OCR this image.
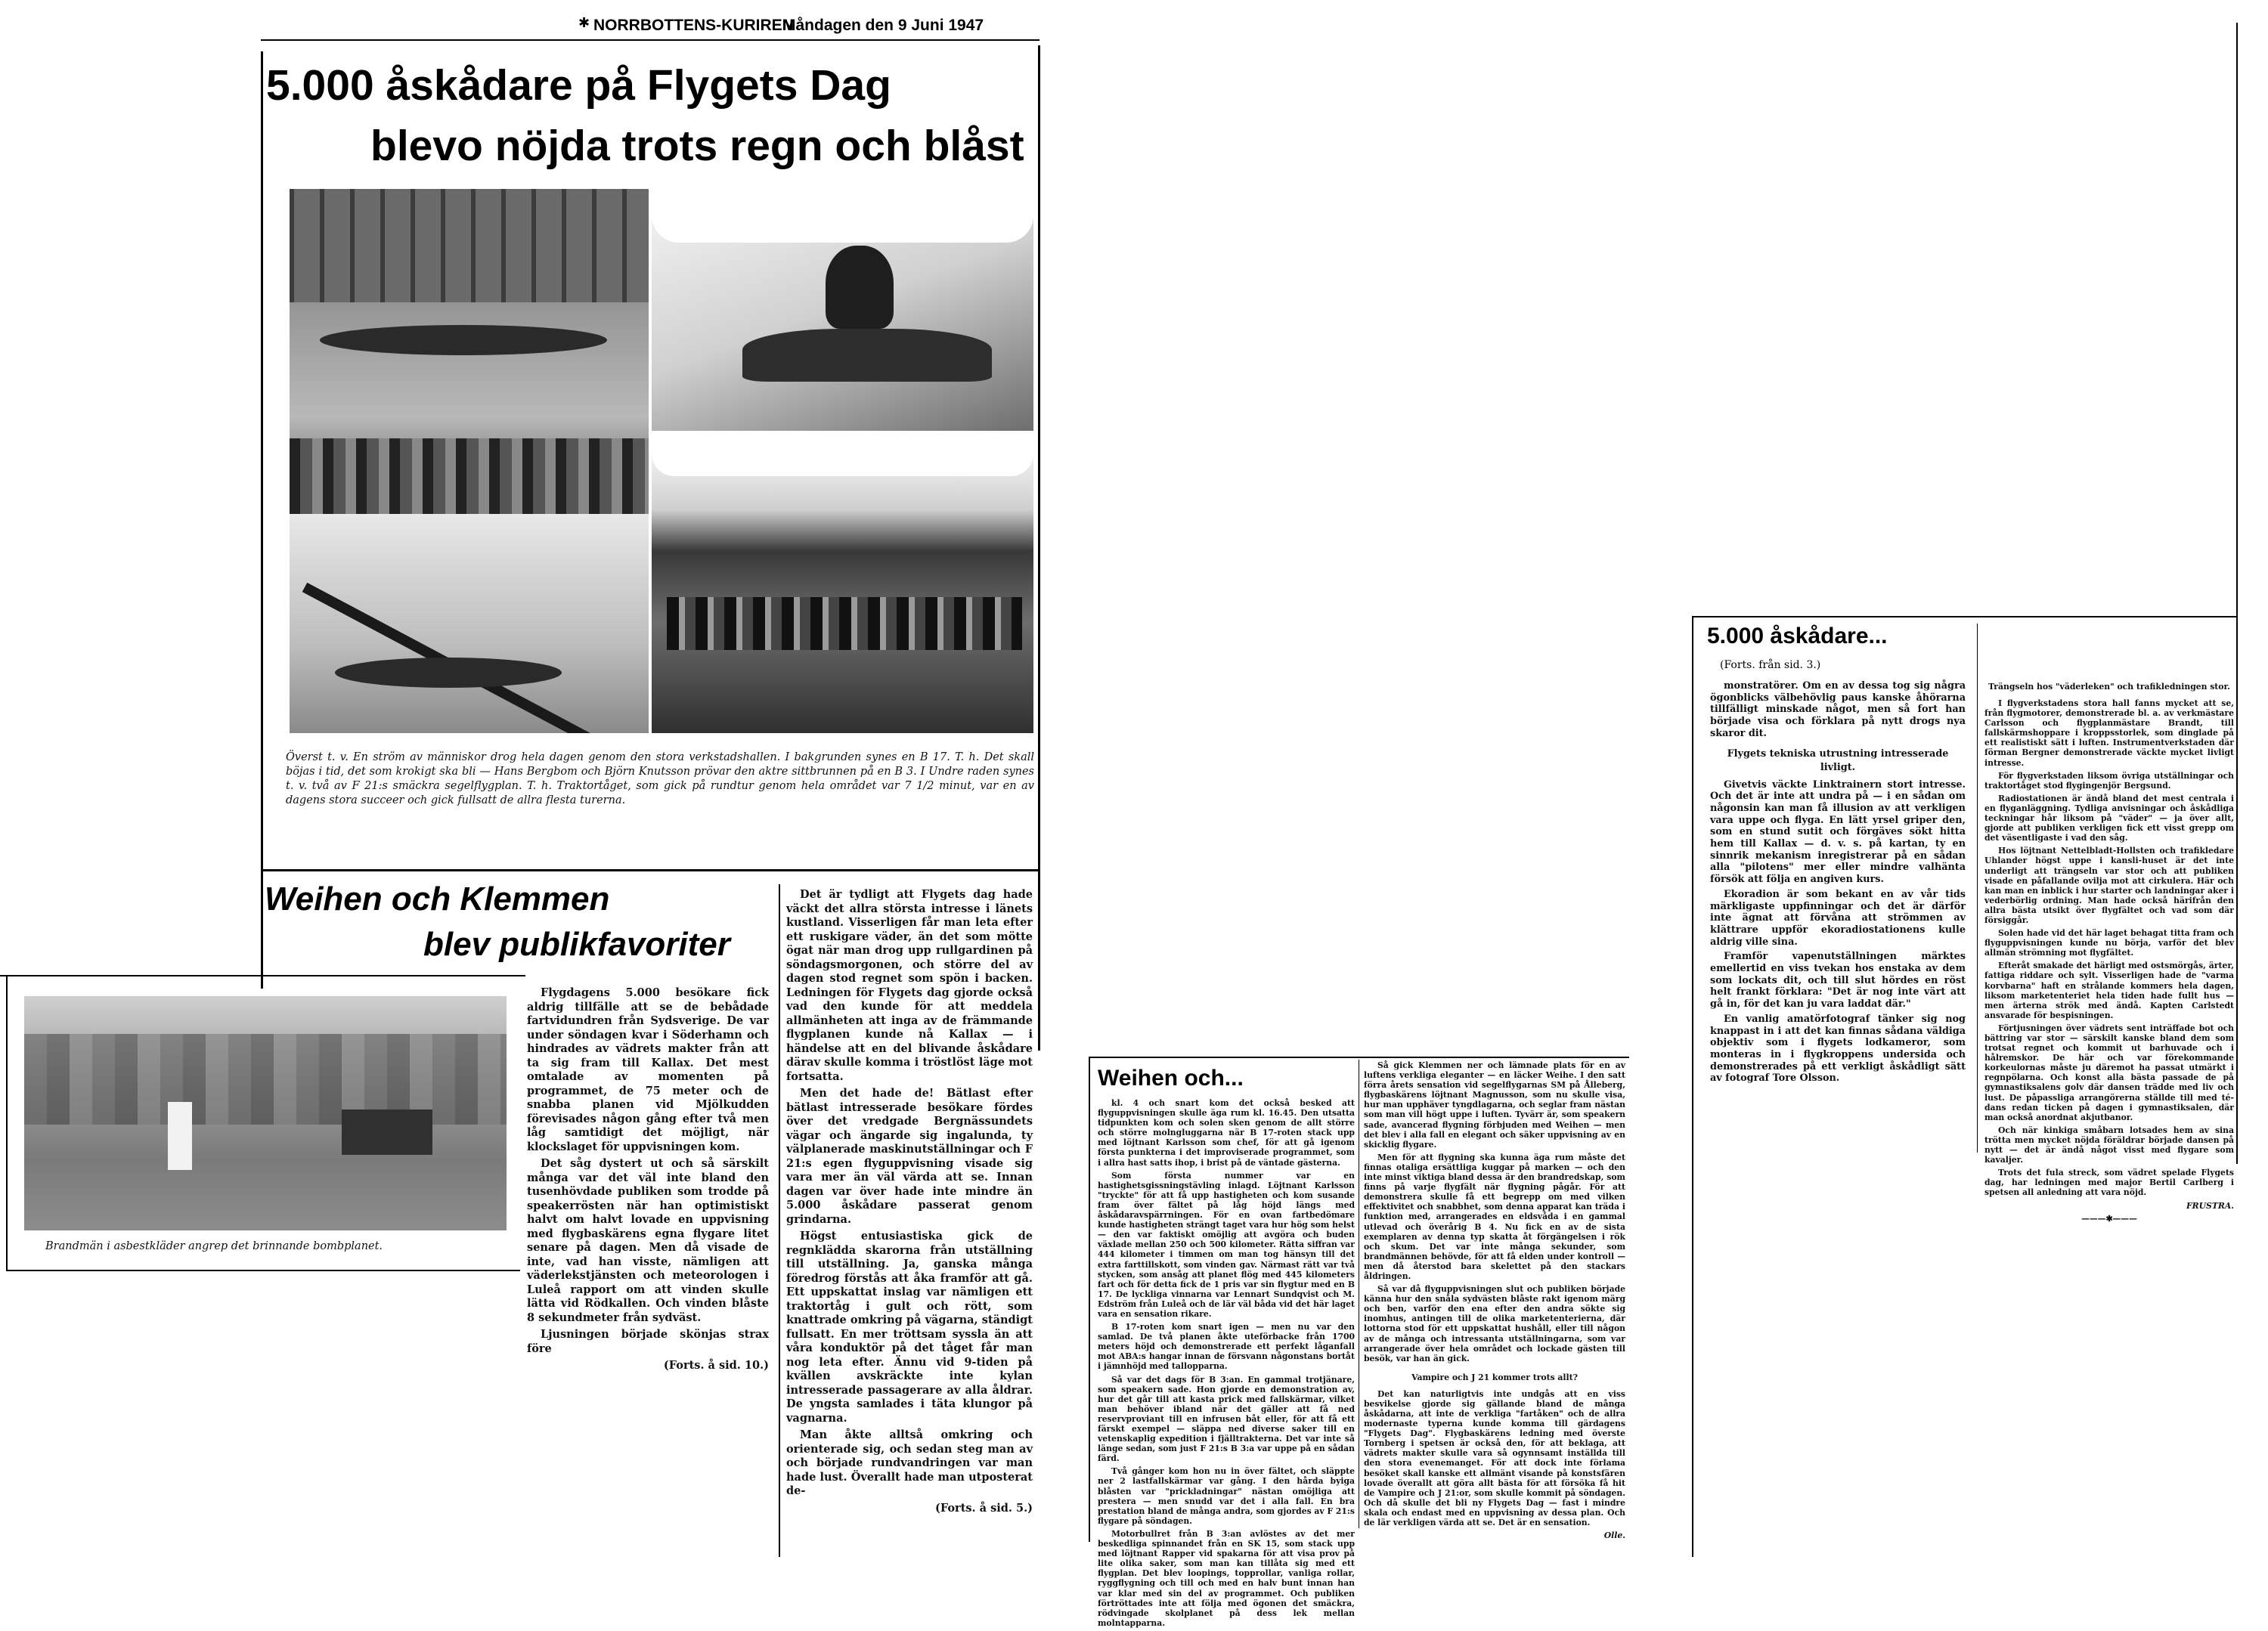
✱ NORRBOTTENS-KURIREN
Måndagen den 9 Juni 1947
5.000 åskådare på Flygets Dag
blevo nöjda trots regn och blåst
Överst t. v. En ström av människor drog hela dagen genom den stora verkstadshallen. I bakgrunden synes en B 17. T. h. Det skall böjas i tid, det som krokigt ska bli — Hans Bergbom och Björn Knutsson prövar den aktre sittbrunnen på en B 3. I Undre raden synes t. v. två av F 21:s smäckra segelflygplan. T. h. Traktortåget, som gick på rundtur genom hela området var 7 1/2 minut, var en av dagens stora succeer och gick fullsatt de allra flesta turerna.
Weihen och Klemmen
blev publikfavoriter
Brandmän i asbestkläder angrep det brinnande bombplanet.

Flygdagens 5.000 besökare fick aldrig tillfälle att se de bebådade fartvidundren från Sydsverige. De var under söndagen kvar i Söderhamn och hindrades av vädrets makter från att ta sig fram till Kallax. Det mest omtalade av momenten på programmet, de 75 meter och de snabba planen vid Mjölkudden förevisades någon gång efter två men låg samtidigt det möjligt, när klockslaget för uppvisningen kom.

Det såg dystert ut och så särskilt många var det väl inte bland den tusenhövdade publiken som trodde på speakerrösten när han optimistiskt halvt om halvt lovade en uppvisning med flygbaskärens egna flygare litet senare på dagen. Men då visade de inte, vad han visste, nämligen att väderlekstjänsten och meteorologen i Luleå rapport om att vinden skulle lätta vid Rödkallen. Och vinden blåste 8 sekundmeter från sydväst.

Ljusningen började skönjas strax före

(Forts. å sid. 10.)

Det är tydligt att Flygets dag hade väckt det allra största intresse i länets kustland. Visserligen får man leta efter ett ruskigare väder, än det som mötte ögat när man drog upp rullgardinen på söndagsmorgonen, och större del av dagen stod regnet som spön i backen. Ledningen för Flygets dag gjorde också vad den kunde för att meddela allmänheten att inga av de främmande flygplanen kunde nå Kallax — i händelse att en del blivande åskådare därav skulle komma i tröstlöst läge mot fortsatta.

Men det hade de! Bätlast efter bätlast intresserade besökare fördes över det vredgade Bergnässundets vägar och ängarde sig ingalunda, ty välplanerade maskinutställningar och F 21:s egen flyguppvisning visade sig vara mer än väl värda att se. Innan dagen var över hade inte mindre än 5.000 åskådare passerat genom grindarna.

Högst entusiastiska gick de regnklädda skarorna från utställning till utställning. Ja, ganska många föredrog förstås att åka framför att gå. Ett uppskattat inslag var nämligen ett traktortåg i gult och rött, som knattrade omkring på vägarna, ständigt fullsatt. En mer tröttsam syssla än att våra konduktör på det tåget får man nog leta efter. Ännu vid 9-tiden på kvällen avskräckte inte kylan intresserade passagerare av alla åldrar. De yngsta samlades i täta klungor på vagnarna.

Man åkte alltså omkring och orienterade sig, och sedan steg man av och började rundvandringen var man hade lust. Överallt hade man utposterat de-

(Forts. å sid. 5.)

Weihen och...

kl. 4 och snart kom det också besked att flyguppvisningen skulle äga rum kl. 16.45. Den utsatta tidpunkten kom och solen sken genom de allt större och större molngluggarna när B 17-roten stack upp med löjtnant Karlsson som chef, för att gå igenom första punkterna i det improviserade programmet, som i allra hast satts ihop, i brist på de väntade gästerna.

Som första nummer var en hastighetsgissningstävling inlagd. Löjtnant Karlsson "tryckte" för att få upp hastigheten och kom susande fram över fältet på låg höjd längs med åskådaravspärrningen. För en ovan fartbedömare kunde hastigheten strängt taget vara hur hög som helst — den var faktiskt omöjlig att avgöra och buden växlade mellan 250 och 500 kilometer. Rätta siffran var 444 kilometer i timmen om man tog hänsyn till det extra farttillskott, som vinden gav. Närmast rätt var två stycken, som ansåg att planet flög med 445 kilometers fart och för detta fick de 1 pris var sin flygtur med en B 17. De lyckliga vinnarna var Lennart Sundqvist och M. Edström från Luleå och de lär väl båda vid det här laget vara en sensation rikare.

B 17-roten kom snart igen — men nu var den samlad. De två planen åkte uteförbacke från 1700 meters höjd och demonstrerade ett perfekt låganfall mot ABA:s hangar innan de försvann någonstans bortåt i jämnhöjd med tallopparna.

Så var det dags för B 3:an. En gammal trotjänare, som speakern sade. Hon gjorde en demonstration av, hur det går till att kasta prick med fallskärmar, vilket man behöver ibland när det gäller att få ned reservproviant till en infrusen båt eller, för att få ett färskt exempel — släppa ned diverse saker till en vetenskaplig expedition i fjälltrakterna. Det var inte så länge sedan, som just F 21:s B 3:a var uppe på en sådan färd.

Två gånger kom hon nu in över fältet, och släppte ner 2 lastfallskärmar var gång. I den hårda byiga blåsten var "prickladningar" nästan omöjliga att prestera — men snudd var det i alla fall. En bra prestation bland de många andra, som gjordes av F 21:s flygare på söndagen.

Motorbullret från B 3:an avlöstes av det mer beskedliga spinnandet från en SK 15, som stack upp med löjtnant Rapper vid spakarna för att visa prov på lite olika saker, som man kan tillåta sig med ett flygplan. Det blev loopings, topprollar, vanliga rollar, ryggflygning och till och med en halv bunt innan han var klar med sin del av programmet. Och publiken förtröttades inte att följa med ögonen det smäckra, rödvingade skolplanet på dess lek mellan molntapparna.

Så gick Klemmen ner och lämnade plats för en av luftens verkliga eleganter — en läcker Weihe. I den satt förra årets sensation vid segelflygarnas SM på Ålleberg, flygbaskärens löjtnant Magnusson, som nu skulle visa, hur man upphäver tyngdlagarna, och seglar fram nästan som man vill högt uppe i luften. Tyvärr är, som speakern sade, avancerad flygning förbjuden med Weihen — men det blev i alla fall en elegant och säker uppvisning av en skicklig flygare.

Men för att flygning ska kunna äga rum måste det finnas otaliga ersättliga kuggar på marken — och den inte minst viktiga bland dessa är den brandredskap, som finns på varje flygfält när flygning pågår. För att demonstrera skulle få ett begrepp om med vilken effektivitet och snabbhet, som denna apparat kan träda i funktion med, arrangerades en eldsvåda i en gammal utlevad och överårig B 4. Nu fick en av de sista exemplaren av denna typ skatta åt förgängelsen i rök och skum. Det var inte många sekunder, som brandmännen behövde, för att få elden under kontroll — men då återstod bara skelettet på den stackars åldringen.

Så var då flyguppvisningen slut och publiken började känna hur den snåla sydvästen blåste rakt igenom märg och ben, varför den ena efter den andra sökte sig inomhus, antingen till de olika marketenterierna, där lottorna stod för ett uppskattat hushåll, eller till någon av de många och intressanta utställningarna, som var arrangerade över hela området och lockade gästen till besök, var han än gick.

Vampire och J 21 kommer trots allt?

Det kan naturligtvis inte undgås att en viss besvikelse gjorde sig gällande bland de många åskådarna, att inte de verkliga "fartåken" och de allra modernaste typerna kunde komma till gärdagens "Flygets Dag". Flygbaskärens ledning med överste Tornberg i spetsen är också den, för att beklaga, att vädrets makter skulle vara så ogynnsamt inställda till den stora evenemanget. För att dock inte förlama besöket skall kanske ett allmänt visande på konstsfären lovade överallt att göra allt bästa för att försöka få hit de Vampire och J 21:or, som skulle kommit på söndagen. Och då skulle det bli ny Flygets Dag — fast i mindre skala och endast med en uppvisning av dessa plan. Och de lär verkligen värda att se. Det är en sensation.

Olle.

5.000 åskådare...
(Forts. från sid. 3.)

monstratörer. Om en av dessa tog sig några ögonblicks välbehövlig paus kanske åhörarna tillfälligt minskade något, men så fort han började visa och förklara på nytt drogs nya skaror dit.

Flygets tekniska utrustning intresserade livligt.

Givetvis väckte Linktrainern stort intresse. Och det är inte att undra på — i en sådan om någonsin kan man få illusion av att verkligen vara uppe och flyga. En lätt yrsel griper den, som en stund sutit och förgäves sökt hitta hem till Kallax — d. v. s. på kartan, ty en sinnrik mekanism inregistrerar på en sådan alla "pilotens" mer eller mindre valhänta försök att följa en angiven kurs.

Ekoradion är som bekant en av vår tids märkligaste uppfinningar och det är därför inte ägnat att förvåna att strömmen av klättrare uppför ekoradiostationens kulle aldrig ville sina.

Framför vapenutställningen märktes emellertid en viss tvekan hos enstaka av dem som lockats dit, och till slut hördes en röst helt frankt förklara: "Det är nog inte värt att gå in, för det kan ju vara laddat där."

En vanlig amatörfotograf tänker sig nog knappast in i att det kan finnas sådana väldiga objektiv som i flygets lodkameror, som monteras in i flygkroppens undersida och demonstrerades på ett verkligt åskådligt sätt av fotograf Tore Olsson.

Trängseln hos "väderleken" och trafikledningen stor.

I flygverkstadens stora hall fanns mycket att se, från flygmotorer, demonstrerade bl. a. av verkmästare Carlsson och flygplanmästare Brandt, till fallskärmshoppare i kroppsstorlek, som dinglade på ett realistiskt sätt i luften. Instrumentverkstaden där förman Bergner demonstrerade väckte mycket livligt intresse.

För flygverkstaden liksom övriga utställningar och traktortåget stod flygingenjör Bergsund.

Radiostationen är ändå bland det mest centrala i en flyganläggning. Tydliga anvisningar och åskådliga teckningar hår liksom på "väder" — ja över allt, gjorde att publiken verkligen fick ett visst grepp om det väsentligaste i vad den såg.

Hos löjtnant Nettelbladt-Hollsten och trafikledare Uhlander högst uppe i kansli-huset är det inte underligt att trängseln var stor och att publiken visade en påfallande ovilja mot att cirkulera. Här och kan man en inblick i hur starter och landningar aker i vederbörlig ordning. Man hade också härifrån den allra bästa utsikt över flygfältet och vad som där försiggår.

Solen hade vid det här laget behagat titta fram och flyguppvisningen kunde nu börja, varför det blev allmän strömning mot flygfältet.

Efteråt smakade det härligt med ostsmörgås, ärter, fattiga riddare och sylt. Visserligen hade de "varma korvbarna" haft en strålande kommers hela dagen, liksom marketenteriet hela tiden hade fullt hus — men ärterna strök med ändå. Kapten Carlstedt ansvarade för bespisningen.

Förtjusningen över vädrets sent inträffade bot och bättring var stor — särskilt kanske bland dem som trotsat regnet och kommit ut barhuvade och i hålremskor. De här och var förekommande korkeulornas måste ju däremot ha passat utmärkt i regnpölarna. Och konst alla bästa passade de på gymnastiksalens golv där dansen trädde med liv och lust. De påpassliga arrangörerna ställde till med té-dans redan ticken på dagen i gymnastiksalen, där man också anordnat akjutbanor.

Och när kinkiga småbarn lotsades hem av sina trötta men mycket nöjda föräldrar började dansen på nytt — det är ändå något visst med flygare som kavaljer.

Trots det fula streck, som vädret spelade Flygets dag, har ledningen med major Bertil Carlberg i spetsen all anledning att vara nöjd.

FRUSTRA.

———✱———
